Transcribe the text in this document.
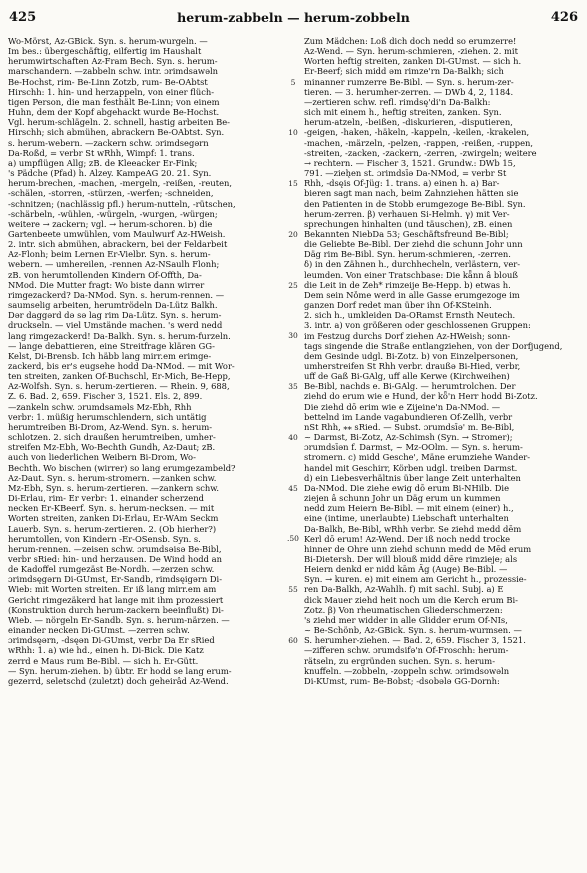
425	herum-zabbeln — herum-zobbeln	426
Wo-Mörst, Az-GBick. Syn. s. herum-wurgeln. —
Im bes.: übergeschäftig, eilfertig im Haushalt
herumwirtschaften Az-Fram Bech. Syn. s. herum-
marschandern. —zabbeln schw. intr. ɔrimdsawǝln
Be-Hochst, rim- Be-Linn Zotzb, rum- Be-OAbtst
Hirschh: 1. hin- und herzappeln, von einer flüch-
tigen Person, die man festhält Be-Linn; von einem
Huhn, dem der Kopf abgehackt wurde Be-Hochst.
Vgl. herum-schlägeln. 2. schnell, hastig arbeiten Be-
Hirschh; sich abmühen, abrackern Be-OAbtst. Syn.
s. herum-webern. —zackern schw. ɔrimdsegǝrn
Da-Roßd, = verbr St wRhh, Wimpf: 1. trans.
a) umpflügen Allg; zB. de Kleeacker Er-Fink;
's Pädche (Pfad) h. Alzey. KampeAG 20. 21. Syn.
herum-brechen, -machen, -mergeln, -reißen, -reuten,
-schälen, -storren, -stürzen, -werfen; -schneiden,
-schnitzen; (nachlässig pfl.) herum-nutteln, -rütschen,
-schärbeln, -wühlen, -würgeln, -wurgen, -würgen;
weitere → zackern; vgl. → herum-schoren. b) die
Gartenbeete umwühlen, vom Maulwurf Az-HWeish.
2. intr. sich abmühen, abrackern, bei der Feldarbeit
Az-Flonh; beim Lernen Er-Vielbr. Syn. s. herum-
webern. — umhereilen, -rennen Az-NSaulh Flonh;
zB. von herumtollenden Kindern Of-Offth, Da-
NMod. Die Mutter fragt: Wo biste dann wirrer
rimgezackerd? Da-NMod. Syn. s. herum-rennen. —
saumselig arbeiten, herumtrödeln Da-Lütz Balkh.
Dǝr daggǝrd dǝ sǝ lag rim Da-Lütz. Syn. s. herum-
druckseln. — viel Umstände machen. 's werd nedd
lang rimgezackerd! Da-Balkh. Syn. s. herum-furzeln.
— lange debattieren, eine Streitfrage klären GG-
Kelst, Di-Brensb. Ich häbb lang mirr.em erimge-
zackerd, bis er's eugsehe hodd Da-NMod. — mit Wor-
ten streiten, zanken Of-Buchschl, Er-Mich, Be-Hepp,
Az-Wolfsh. Syn. s. herum-zertieren. — Rhein. 9, 688,
Z. 6. Bad. 2, 659. Fischer 3, 1521. Els. 2, 899.
—zankeln schw. ɔrumdsamǝls Mz-Ebh, Rhh
verbr: 1. müßig herumschlendern, sich untätig
herumtreiben Bi-Drom, Az-Wend. Syn. s. herum-
schlotzen. 2. sich draußen herumtreiben, umher-
streifen Mz-Ebh, Wo-Bechth Gundh, Az-Daut; zB.
auch von liederlichen Weibern Bi-Drom, Wo-
Bechth. Wo bischen (wirrer) so lang erumgezambeld?
Az-Daut. Syn. s. herum-stromern. —zanken schw.
Mz-Ebh, Syn. s. herum-zertieren. —zankern schw.
Di-Erlau, rim- Er verbr: 1. einander scherzend
necken Er-KBeerf. Syn. s. herum-necksen. — mit
Worten streiten, zanken Di-Erlau, Er-WAm Seckm
Lauerb. Syn. s. herum-zertieren. 2. (Ob hierher?)
herumtollen, von Kindern -Er-OSensb. Syn. s.
herum-rennen. —zeisen schw. ɔrumdsǝisǝ Be-Bibl,
verbr sRied: hin- und herzausen. De Wind hodd an
de Kadoffel rumgezäst Be-Nordh. —zerzen schw.
ɔrimdsęgǝrn Di-GUmst, Er-Sandb, rimdsęigǝrn Di-
Wieb: mit Worten streiten. Er iß lang mirr.em am
Gericht rimgezäkerd hat lange mit ihm prozessiert
(Konstruktion durch herum-zackern beeinflußt) Di-
Wieb. — nörgeln Er-Sandb. Syn. s. herum-närzen. —
einander necken Di-GUmst. —zerren schw.
ɔrimdsęǝrn, -dsęǝn Di-GUmst, verbr Da Er sRied
wRhh: 1. a) wie hd., einen h. Di-Bick. Die Katz
zerrd e Maus rum Be-Bibl. — sich h. Er-Gütt.
— Syn. herum-ziehen. b) übtr. Er hodd se lang erum-
gezerrd, seletschd (zuletzt) doch geheirâd Az-Wend.
5
10
15
20
25
30
35
40
45
.50
55
60
Zum Mädchen: Loß dich doch nedd so erumzerre!
Az-Wend. — Syn. herum-schmieren, -ziehen. 2. mit
Worten heftig streiten, zanken Di-GUmst. — sich h.
Er-Beerf; sich midd ǝm rimze'rn Da-Balkh; sich
minanner rumzerre Be-Bibl. — Syn. s. herum-zer-
tieren. — 3. herumher-zerren. — DWb 4, 2, 1184.
—zertieren schw. refl. rimdsę'di'n Da-Balkh:
sich mit einem h., heftig streiten, zanken. Syn.
herum-atzeln, -beißen, -diskurieren, -disputieren,
-geigen, -haken, -häkeln, -kappeln, -keilen, -krakelen,
-machen, -märzeln, -pelzen, -rappen, -reißen, -ruppen,
-streiten, -zacken, -zackern, -zerren, -zwirgeln; weitere
→ rechtern. — Fischer 3, 1521. Grundw.: DWb 15,
791. —zieh̨en st. ɔrimdsīǝ Da-NMod, = verbr St
Rhh, -dsęis Of-Jüg: 1. trans. a) einen h. a) Bar-
bieren sagt man nach, beim Zahnziehen hätten sie
den Patienten in de Stobb erumgezoge Be-Bibl. Syn.
herum-zerren. β) verhauen Si-Helmh. γ) mit Ver-
sprechungen hinhalten (und täuschen), zB. einen
Bekannten NiebDa 53; Geschäftsfreund Be-Bibl;
die Geliebte Be-Bibl. Der ziehd die schunn Johr unn
Däg rim Be-Bibl. Syn. herum-schmieren, -zerren.
δ) in den Zähnen h., durchhecheln, verlästern, ver-
leumden. Von einer Tratschbase: Die kǟnn â blouß
die Leit in de Zeh* rimzeije Be-Hepp. b) etwas h.
Dem sein Nǒme werd in alle Gasse erumgezoge im
ganzen Dorf redet man über ihn Of-KSteinh.
2. sich h., umkleiden Da-ORamst Ernsth Neutech.
3. intr. a) von größeren oder geschlossenen Gruppen:
im Festzug durchs Dorf ziehen Az-HWeish; sonn-
tags singende die Straße entlangziehen, von der Dorfjugend,
dem Gesinde udgl. Bi-Zotz. b) von Einzelpersonen,
umherstreifen St Rhh verbr. draußǝ Bi-Hied, verbr,
uff de Gaß Bi-GAlg, uff alle Kerwe (Kirchweihen)
Be-Bibl, nachds e. Bi-GAlg. — herumtrolchen. Der
ziehd do erum wie e Hund, der kȫ'n Herr hodd Bi-Zotz.
Die ziehd dō erim wie e Zijeine'n Da-NMod. —
bettelnd im Lande vagabundieren Of-Zellh, verbr
nSt Rhh, ⁎⁎ sRied. — Subst. ɔrumdsīǝ' m. Be-Bibl,
~ Darmst, Bi-Zotz, Az-Schimsh (Syn. → Stromer);
ɔrumdsīǝn f. Darmst, ~ Mz-OOlm. — Syn. s. herum-
stromern. c) midd Gesche', Mäne erumziehe Wander-
handel mit Geschirr, Körben udgl. treiben Darmst.
d) ein Liebesverhältnis über lange Zeit unterhalten
Da-NMod. Die ziehe ewig dō erum Bi-NHilb. Die
ziejen â schunn Johr un Däg erum un kummen
nedd zum Heiern Be-Bibl. — mit einem (einer) h.,
eine (intime, unerlaubte) Liebschaft unterhalten
Da-Balkh, Be-Bibl, wRhh verbr. Se ziehd medd dēm
Kerl dō erum! Az-Wend. Der iß noch nedd trocke
hinner de Ohre unn ziehd schunn medd de Mēd erum
Bi-Dietersh. Der will blouß midd dēre rimzieje; als
Heiern denkd er nidd kām Äg (Auge) Be-Bibl. —
Syn. → kuren. e) mit einem am Gericht h., prozessie-
ren Da-Balkh, Az-Wahlh. f) mit sachl. Subj. a) E
dick Mauer ziehd heit noch um die Kerch erum Bi-
Zotz. β) Von rheumatischen Gliederschmerzen:
's ziehd mer widder in alle Glidder erum Of-NIs,
~ Be-Schönb, Az-GBick. Syn. s. herum-wurmsen. —
S. herumher-ziehen. — Bad. 2, 659. Fischer 3, 1521.
—zifferen schw. ɔrumdsifǝ'n Of-Froschh: herum-
rätseln, zu ergründen suchen. Syn. s. herum-
knuffeln. —zobbeln, -zoppeln schw. ɔrimdsowǝln
Di-KUmst, rum- Be-Bobst; -dsobǝlǝ GG-Dornh:
